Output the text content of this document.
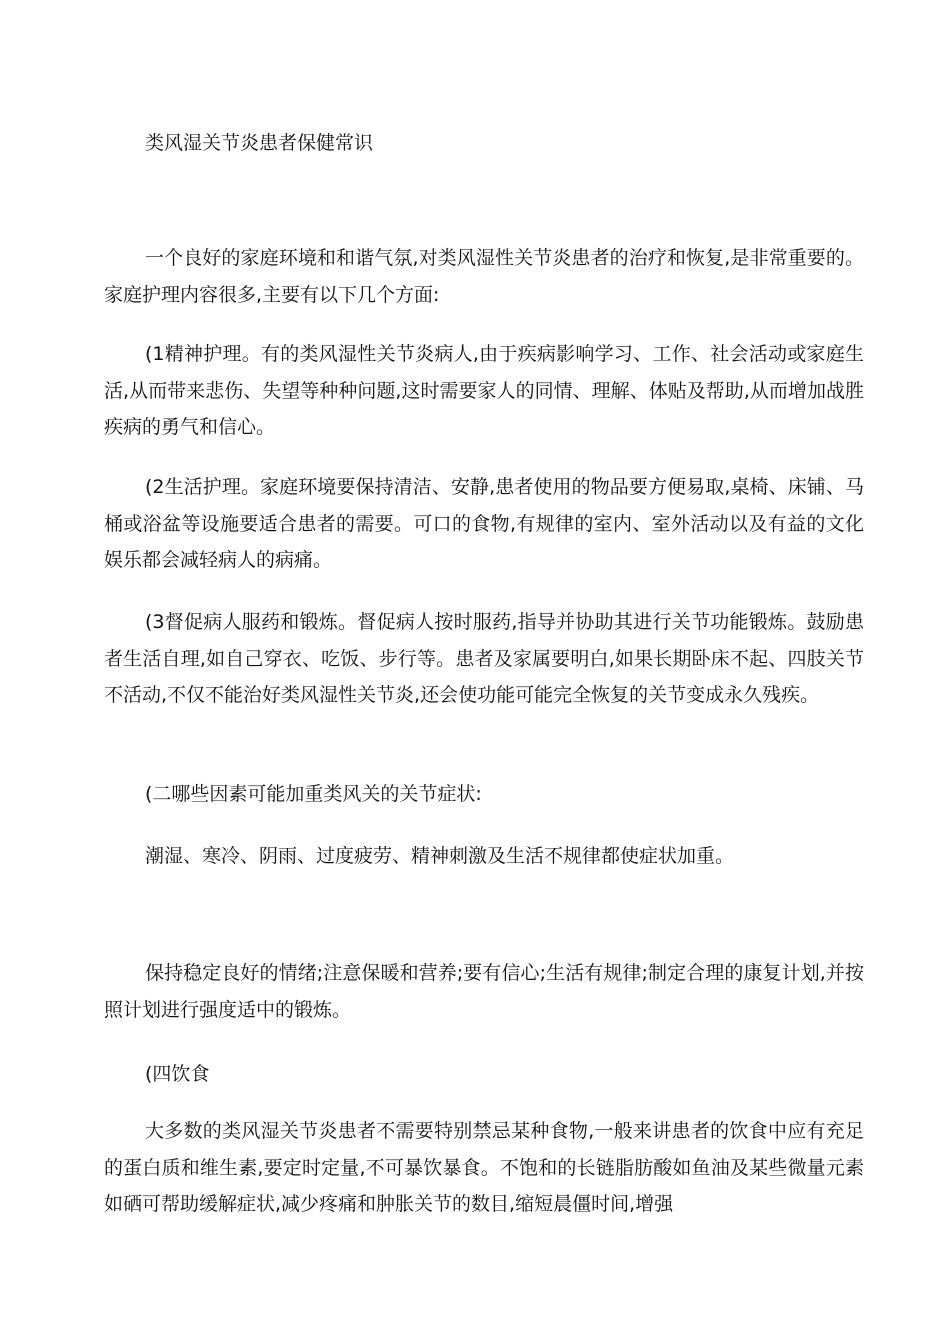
类风湿关节炎患者保健常识
一个良好的家庭环境和和谐气氛,对类风湿性关节炎患者的治疗和恢复,是非常重要的。家庭护理内容很多,主要有以下几个方面:
(1精神护理。有的类风湿性关节炎病人,由于疾病影响学习、工作、社会活动或家庭生活,从而带来悲伤、失望等种种问题,这时需要家人的同情、理解、体贴及帮助,从而增加战胜疾病的勇气和信心。
(2生活护理。家庭环境要保持清洁、安静,患者使用的物品要方便易取,桌椅、床铺、马桶或浴盆等设施要适合患者的需要。可口的食物,有规律的室内、室外活动以及有益的文化娱乐都会减轻病人的病痛。
(3督促病人服药和锻炼。督促病人按时服药,指导并协助其进行关节功能锻炼。鼓励患者生活自理,如自己穿衣、吃饭、步行等。患者及家属要明白,如果长期卧床不起、四肢关节不活动,不仅不能治好类风湿性关节炎,还会使功能可能完全恢复的关节变成永久残疾。
(二哪些因素可能加重类风关的关节症状:
潮湿、寒冷、阴雨、过度疲劳、精神刺激及生活不规律都使症状加重。
保持稳定良好的情绪;注意保暖和营养;要有信心;生活有规律;制定合理的康复计划,并按照计划进行强度适中的锻炼。
(四饮食
大多数的类风湿关节炎患者不需要特别禁忌某种食物,一般来讲患者的饮食中应有充足的蛋白质和维生素,要定时定量,不可暴饮暴食。不饱和的长链脂肪酸如鱼油及某些微量元素如硒可帮助缓解症状,减少疼痛和肿胀关节的数目,缩短晨僵时间,增强
